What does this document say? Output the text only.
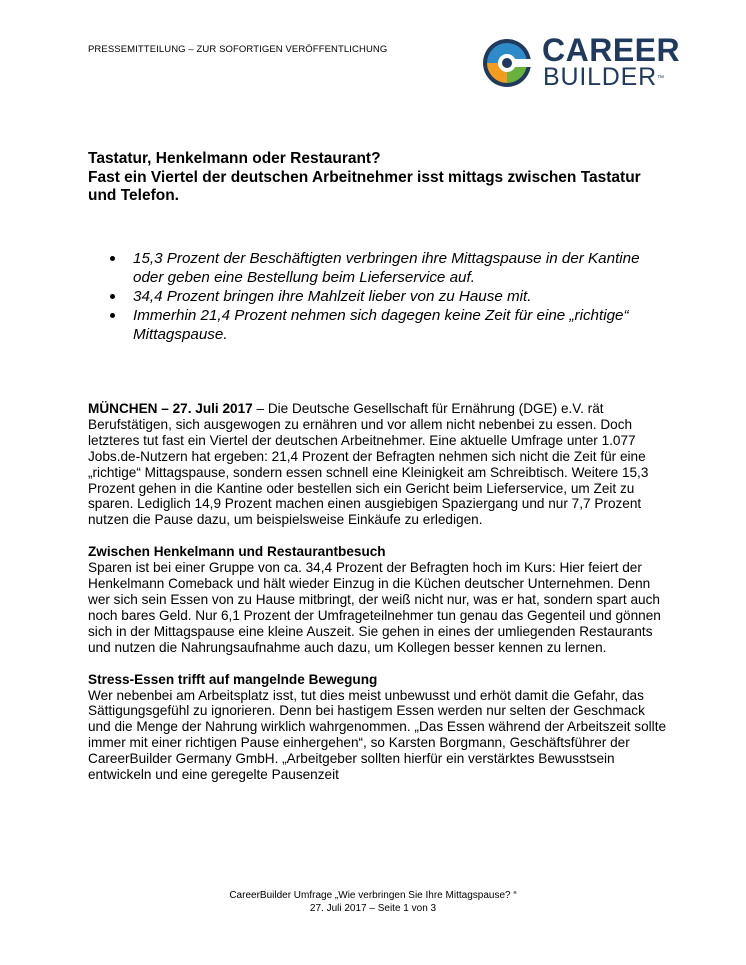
PRESSEMITTEILUNG – ZUR SOFORTIGEN VERÖFFENTLICHUNG	CAREER
BUILDER™
Tastatur, Henkelmann oder Restaurant?
Fast ein Viertel der deutschen Arbeitnehmer isst mittags zwischen Tastatur und Telefon.
15,3 Prozent der Beschäftigten verbringen ihre Mittagspause in der Kantine oder geben eine Bestellung beim Lieferservice auf.
34,4 Prozent bringen ihre Mahlzeit lieber von zu Hause mit.
Immerhin 21,4 Prozent nehmen sich dagegen keine Zeit für eine „richtige“ Mittagspause.

MÜNCHEN – 27. Juli 2017 – Die Deutsche Gesellschaft für Ernährung (DGE) e.V. rät Berufstätigen, sich ausgewogen zu ernähren und vor allem nicht nebenbei zu essen. Doch letzteres tut fast ein Viertel der deutschen Arbeitnehmer. Eine aktuelle Umfrage unter 1.077 Jobs.de-Nutzern hat ergeben: 21,4 Prozent der Befragten nehmen sich nicht die Zeit für eine „richtige“ Mittagspause, sondern essen schnell eine Kleinigkeit am Schreibtisch. Weitere 15,3 Prozent gehen in die Kantine oder bestellen sich ein Gericht beim Lieferservice, um Zeit zu sparen. Lediglich 14,9 Prozent machen einen ausgiebigen Spaziergang und nur 7,7 Prozent nutzen die Pause dazu, um beispielsweise Einkäufe zu erledigen.

Zwischen Henkelmann und Restaurantbesuch
Sparen ist bei einer Gruppe von ca. 34,4 Prozent der Befragten hoch im Kurs: Hier feiert der Henkelmann Comeback und hält wieder Einzug in die Küchen deutscher Unternehmen. Denn wer sich sein Essen von zu Hause mitbringt, der weiß nicht nur, was er hat, sondern spart auch noch bares Geld. Nur 6,1 Prozent der Umfrageteilnehmer tun genau das Gegenteil und gönnen sich in der Mittagspause eine kleine Auszeit. Sie gehen in eines der umliegenden Restaurants und nutzen die Nahrungsaufnahme auch dazu, um Kollegen besser kennen zu lernen.

Stress-Essen trifft auf mangelnde Bewegung
Wer nebenbei am Arbeitsplatz isst, tut dies meist unbewusst und erhöt damit die Gefahr, das Sättigungsgefühl zu ignorieren. Denn bei hastigem Essen werden nur selten der Geschmack und die Menge der Nahrung wirklich wahrgenommen. „Das Essen während der Arbeitszeit sollte immer mit einer richtigen Pause einhergehen“, so Karsten Borgmann, Geschäftsführer der CareerBuilder Germany GmbH. „Arbeitgeber sollten hierfür ein verstärktes Bewusstsein entwickeln und eine geregelte Pausenzeit

CareerBuilder Umfrage „Wie verbringen Sie Ihre Mittagspause? “
27. Juli 2017 – Seite 1 von 3
